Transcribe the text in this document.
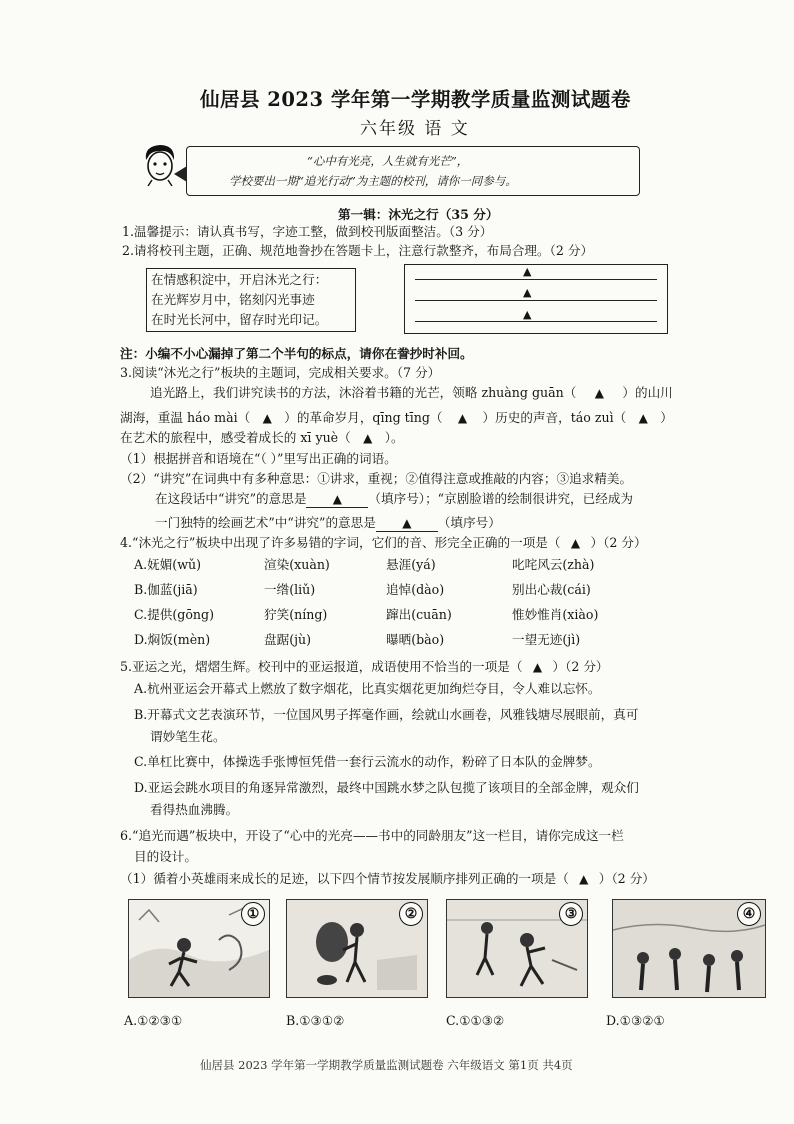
仙居县 2023 学年第一学期教学质量监测试题卷
六年级 语 文

“心中有光亮，人生就有光芒”，

学校要出一期“追光行动”为主题的校刊，请你一同参与。

第一辑：沐光之行（35 分）
1.温馨提示：请认真书写，字迹工整，做到校刊版面整洁。（3 分）
2.请将校刊主题，正确、规范地誊抄在答题卡上，注意行款整齐，布局合理。（2 分）
在情感积淀中，开启沐光之行：
在光辉岁月中，铭刻闪光事迹
在时光长河中，留存时光印记。
▲
▲
▲
注：小编不小心漏掉了第二个半句的标点，请你在誊抄时补回。
3.阅读“沐光之行”板块的主题词，完成相关要求。（7 分）
追光路上，我们讲究读书的方法，沐浴着书籍的光芒，领略 zhuàng guān（ ▲ ）的山川
湖海，重温 háo mài（ ▲ ）的革命岁月，qīng tīng（ ▲ ）历史的声音，táo zuì（ ▲ ）
在艺术的旅程中，感受着成长的 xī yuè（ ▲ ）。
（1）根据拼音和语境在“（ ）”里写出正确的词语。
（2）“讲究”在词典中有多种意思：①讲求，重视；②值得注意或推敲的内容；③追求精美。
在这段话中“讲究”的意思是 ▲ （填序号）；“京剧脸谱的绘制很讲究，已经成为
一门独特的绘画艺术”中“讲究”的意思是 ▲ （填序号）
4.“沐光之行”板块中出现了许多易错的字词，它们的音、形完全正确的一项是（ ▲ ）（2 分）
A.妩媚(wǔ)	渲染(xuàn)	悬涯(yá)	叱咤风云(zhà)
B.伽蓝(jiā)	一绺(liǔ)	追悼(dào)	别出心裁(cái)
C.提供(gōng)	狞笑(níng)	蹿出(cuān)	惟妙惟肖(xiào)
D.焖饭(mèn)	盘踞(jù)	曝晒(bào)	一望无迹(jì)
5.亚运之光，熠熠生辉。校刊中的亚运报道，成语使用不恰当的一项是（ ▲ ）（2 分）
A.杭州亚运会开幕式上燃放了数字烟花，比真实烟花更加绚烂夺目，令人难以忘怀。
B.开幕式文艺表演环节，一位国风男子挥毫作画，绘就山水画卷，风雅钱塘尽展眼前，真可
谓妙笔生花。
C.单杠比赛中，体操选手张博恒凭借一套行云流水的动作，粉碎了日本队的金牌梦。
D.亚运会跳水项目的角逐异常激烈，最终中国跳水梦之队包揽了该项目的全部金牌，观众们
看得热血沸腾。
6.“追光而遇”板块中，开设了“心中的光亮——书中的同龄朋友”这一栏目，请你完成这一栏
目的设计。
（1）循着小英雄雨来成长的足迹，以下四个情节按发展顺序排列正确的一项是（ ▲ ）（2 分）
①	②	③	④
A.①②③①	B.①③①②	C.①①③②	D.①③②①
仙居县 2023 学年第一学期教学质量监测试题卷 六年级语文 第1页 共4页
